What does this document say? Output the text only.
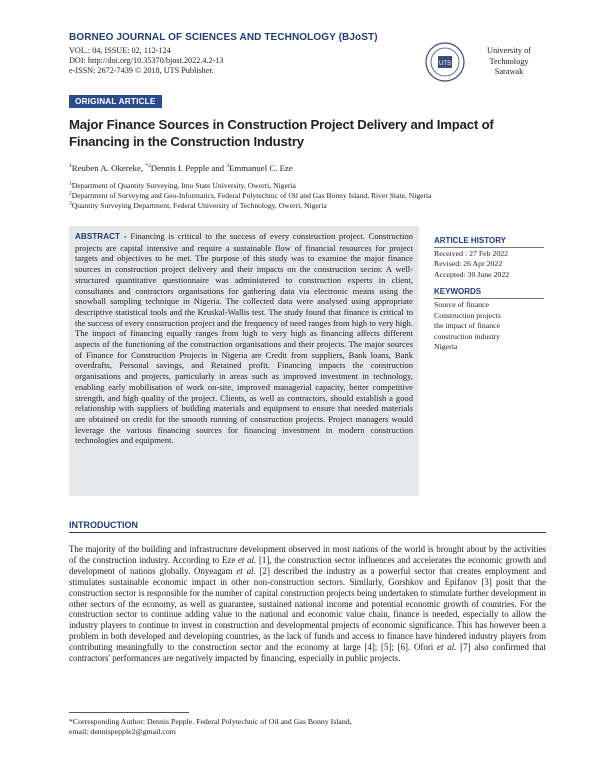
BORNEO JOURNAL OF SCIENCES AND TECHNOLOGY (BJoST)
VOL.: 04, ISSUE: 02, 112-124
DOI: http://doi.org/10.35370/bjost.2022.4.2-13
e-ISSN: 2672-7439 © 2018, UTS Publisher.
UTS
University of
Technology
Sarawak
ORIGINAL ARTICLE
Major Finance Sources in Construction Project Delivery and Impact of Financing in the Construction Industry
$^1$Reuben A. Okereke, $^{*2}$Dennis I. Pepple and $^3$Emmanuel C. Eze
$^1$Department of Quantity Surveying, Imo State University, Owerri, Nigeria
$^2$Department of Surveying and Geo-Informatics, Federal Polytechnic of Oil and Gas Bonny Island, River State, Nigeria
$^3$Quantity Surveying Department, Federal University of Technology, Owerri, Nigeria
ABSTRACT - Financing is critical to the success of every construction project. Construction projects are capital intensive and require a sustainable flow of financial resources for project targets and objectives to be met. The purpose of this study was to examine the major finance sources in construction project delivery and their impacts on the construction sector. A well-structured quantitative questionnaire was administered to construction experts in client, consultants and contractors organisations for gathering data via electronic means using the snowball sampling technique in Nigeria. The collected data were analysed using appropriate descriptive statistical tools and the Kruskal-Wallis test. The study found that finance is critical to the success of every construction project and the frequency of need ranges from high to very high. The impact of financing equally ranges from high to very high as financing affects different aspects of the functioning of the construction organisations and their projects. The major sources of Finance for Construction Projects in Nigeria are Credit from suppliers, Bank loans, Bank overdrafts, Personal savings, and Retained profit. Financing impacts the construction organisations and projects, particularly in areas such as improved investment in technology, enabling early mobilisation of work on-site, improved managerial capacity, better competitive strength, and high quality of the project. Clients, as well as contractors, should establish a good relationship with suppliers of building materials and equipment to ensure that needed materials are obtained on credit for the smooth running of construction projects. Project managers would leverage the various financing sources for financing investment in modern construction technologies and equipment.
ARTICLE HISTORY

Received : 27 Feb 2022

Revised: 26 Apr 2022

Accepted: 30 June 2022

KEYWORDS

Source of finance

Construction projects

the impact of finance

construction industry

Nigeria

INTRODUCTION

The majority of the building and infrastructure development observed in most nations of the world is brought about by the activities of the construction industry. According to Eze et al. [1], the construction sector influences and accelerates the economic growth and development of nations globally. Onyeagam et al. [2] described the industry as a powerful sector that creates employment and stimulates sustainable economic impact in other non-construction sectors. Similarly, Gorshkov and Epifanov [3] posit that the construction sector is responsible for the number of capital construction projects being undertaken to stimulate further development in other sectors of the economy, as well as guarantee, sustained national income and potential economic growth of countries. For the construction sector to continue adding value to the national and economic value chain, finance is needed, especially to allow the industry players to continue to invest in construction and developmental projects of economic significance. This has however been a problem in both developed and developing countries, as the lack of funds and access to finance have hindered industry players from contributing meaningfully to the construction sector and the economy at large [4]; [5]; [6]. Ofori et al. [7] also confirmed that contractors' performances are negatively impacted by financing, especially in public projects.

*Corresponding Author: Dennis Pepple. Federal Polytechnic of Oil and Gas Bonny Island,
email: dennispepple2@gmail.com
